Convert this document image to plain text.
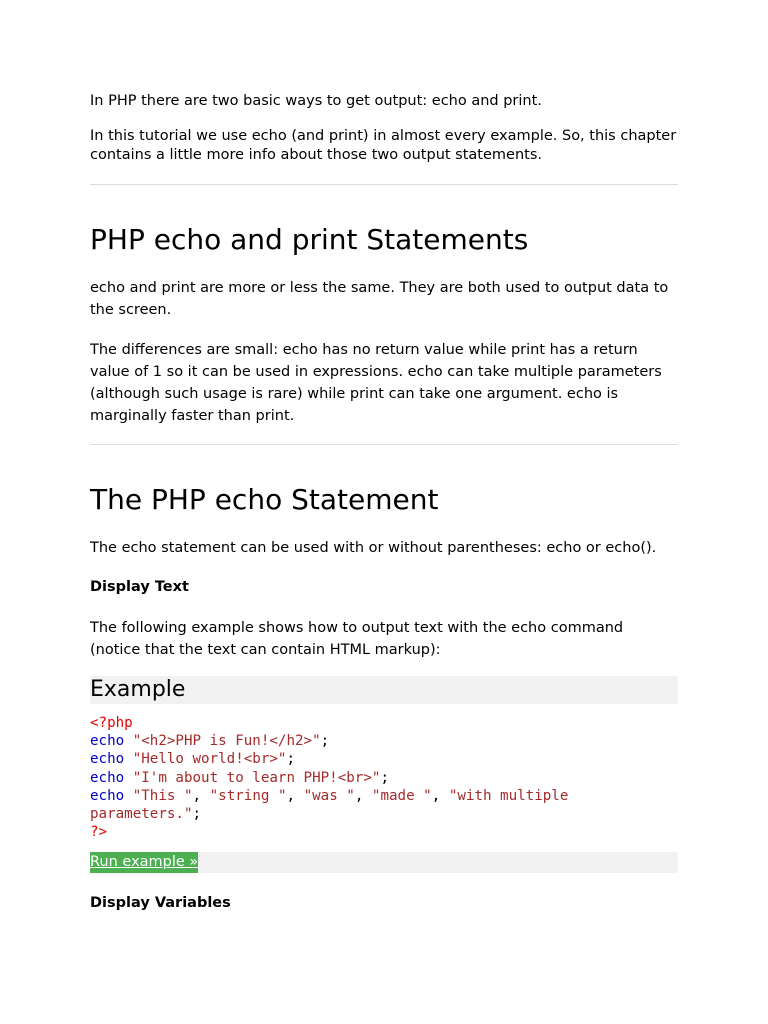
In PHP there are two basic ways to get output: echo and print.

In this tutorial we use echo (and print) in almost every example. So, this chapter contains a little more info about those two output statements.

PHP echo and print Statements

echo and print are more or less the same. They are both used to output data to the screen.

The differences are small: echo has no return value while print has a return value of 1 so it can be used in expressions. echo can take multiple parameters (although such usage is rare) while print can take one argument. echo is marginally faster than print.

The PHP echo Statement

The echo statement can be used with or without parentheses: echo or echo().

Display Text

The following example shows how to output text with the echo command (notice that the text can contain HTML markup):

Example
<?php
echo "<h2>PHP is Fun!</h2>";
echo "Hello world!<br>";
echo "I'm about to learn PHP!<br>";
echo "This ", "string ", "was ", "made ", "with multiple
parameters.";
?>
Run example »

Display Variables
